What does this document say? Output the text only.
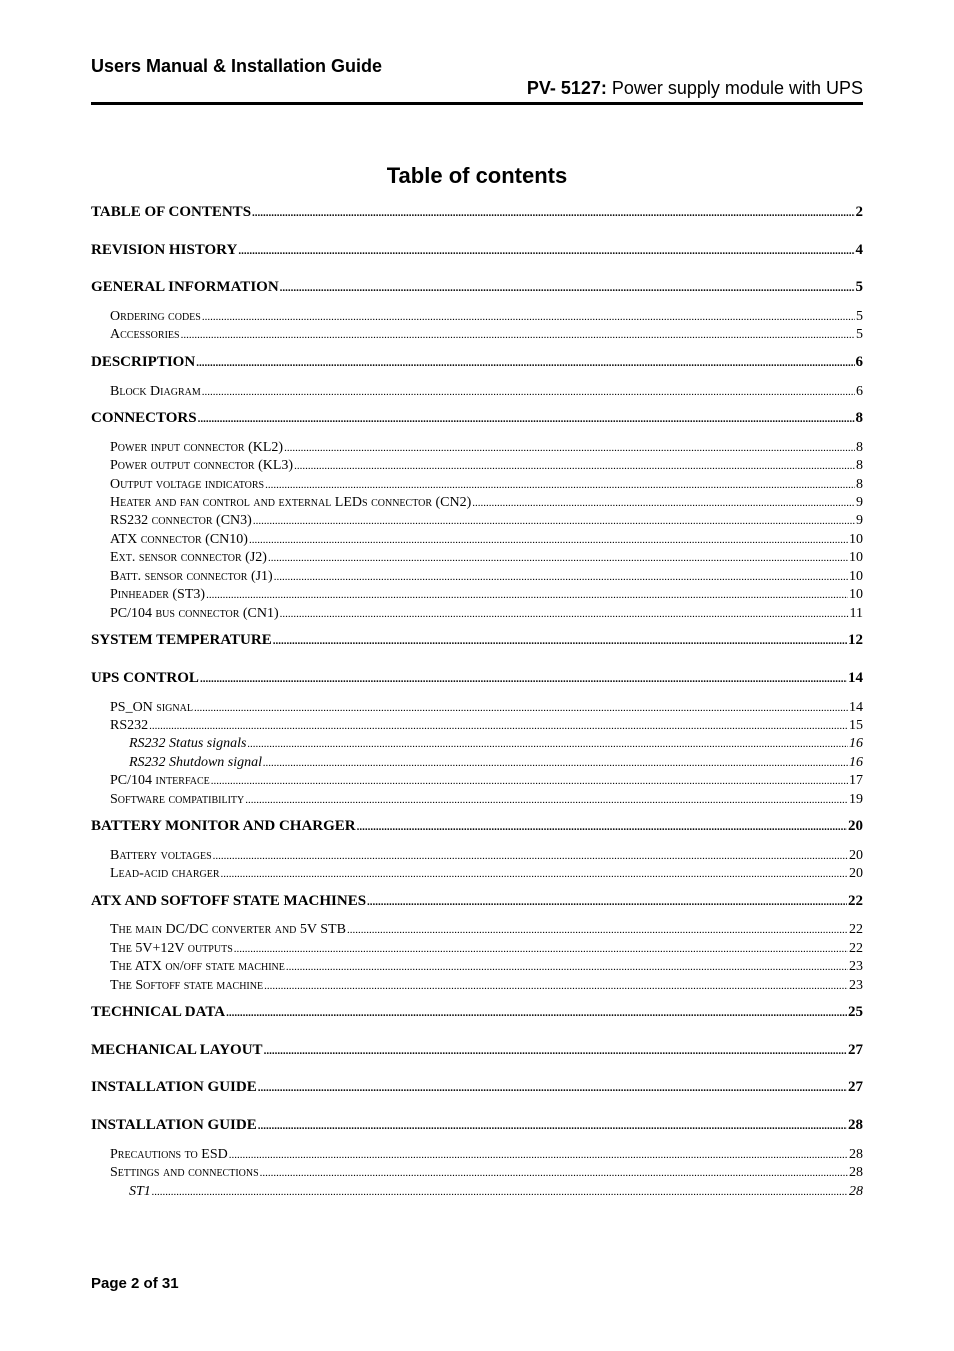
Users Manual & Installation Guide
PV- 5127: Power supply module with UPS
Table of contents
TABLE OF CONTENTS .....	2
REVISION HISTORY .....	4
GENERAL INFORMATION .....	5
Ordering codes .....	5
Accessories .....	5
DESCRIPTION .....	6
Block Diagram .....	6
CONNECTORS .....	8
Power input connector (KL2) .....	8
Power output connector (KL3) .....	8
Output voltage indicators .....	8
Heater and fan control and external LEDs connector (CN2) .....	9
RS232 connector (CN3) .....	9
ATX connector (CN10) .....	10
Ext. sensor connector (J2) .....	10
Batt. sensor connector (J1) .....	10
Pinheader (ST3) .....	10
PC/104 bus connector (CN1) .....	11
SYSTEM TEMPERATURE .....	12
UPS CONTROL .....	14
PS_ON signal .....	14
RS232 .....	15
RS232 Status signals .....	16
RS232 Shutdown signal .....	16
PC/104 interface .....	17
Software compatibility .....	19
BATTERY MONITOR AND CHARGER .....	20
Battery voltages .....	20
Lead-acid charger .....	20
ATX AND SOFTOFF STATE MACHINES .....	22
The main DC/DC converter and 5V STB .....	22
The 5V+12V outputs .....	22
The ATX on/off state machine .....	23
The Softoff state machine .....	23
TECHNICAL DATA .....	25
MECHANICAL LAYOUT .....	27
INSTALLATION GUIDE .....	27
INSTALLATION GUIDE .....	28
Precautions to ESD .....	28
Settings and connections .....	28
ST1 .....	28
Page 2 of 31
